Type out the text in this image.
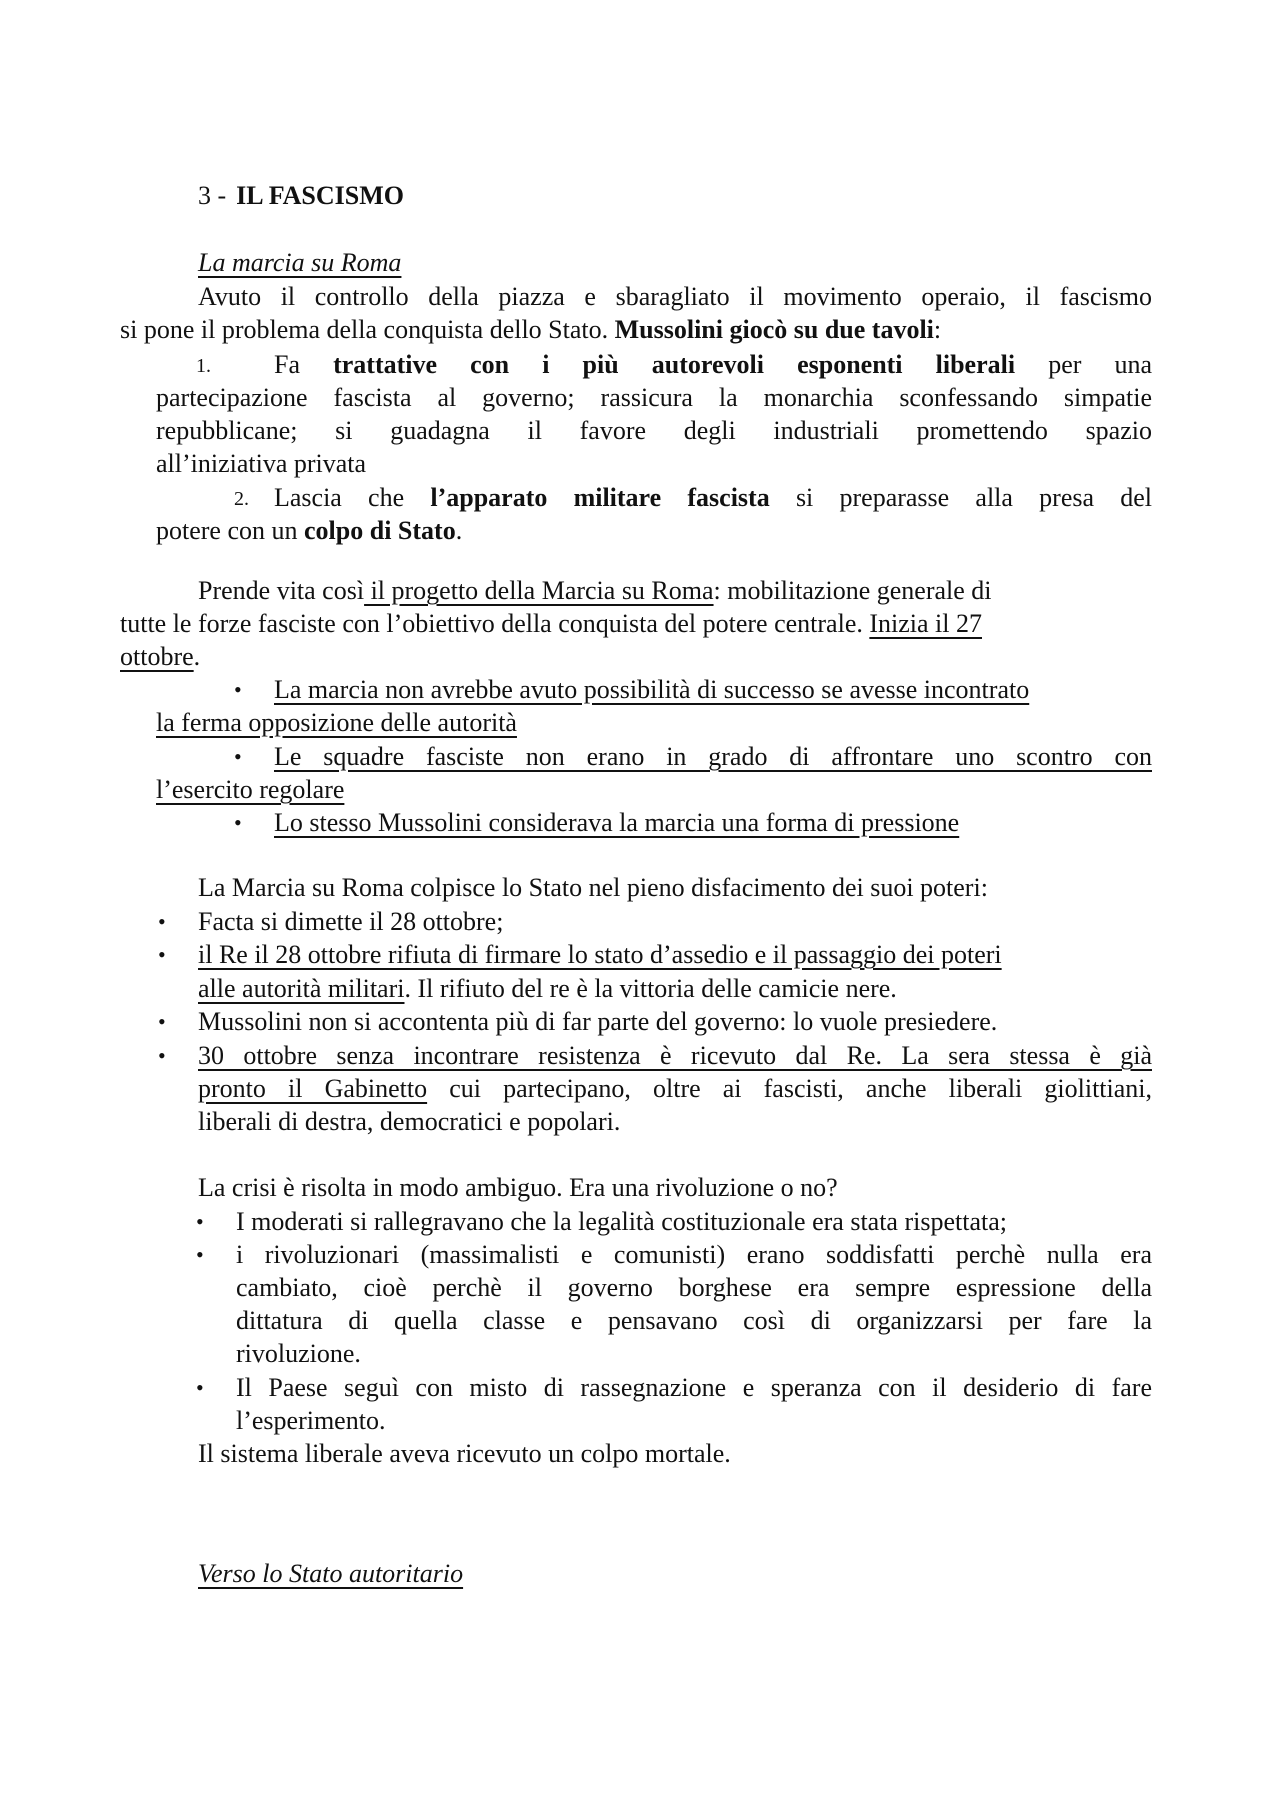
3 - IL FASCISMO
La marcia su Roma
Avuto il controllo della piazza e sbaragliato il movimento operaio, il fascismo
si pone il problema della conquista dello Stato. Mussolini giocò su due tavoli:
1. Fa trattative con i più autorevoli esponenti liberali per una
partecipazione fascista al governo; rassicura la monarchia sconfessando simpatie
repubblicane; si guadagna il favore degli industriali promettendo spazio
all’iniziativa privata
2. Lascia che l’apparato militare fascista si preparasse alla presa del
potere con un colpo di Stato.
Prende vita così il progetto della Marcia su Roma: mobilitazione generale di
tutte le forze fasciste con l’obiettivo della conquista del potere centrale. Inizia il 27
ottobre.
• La marcia non avrebbe avuto possibilità di successo se avesse incontrato
la ferma opposizione delle autorità
• Le squadre fasciste non erano in grado di affrontare uno scontro con
l’esercito regolare
• Lo stesso Mussolini considerava la marcia una forma di pressione
La Marcia su Roma colpisce lo Stato nel pieno disfacimento dei suoi poteri:
• Facta si dimette il 28 ottobre;
• il Re il 28 ottobre rifiuta di firmare lo stato d’assedio e il passaggio dei poteri
alle autorità militari. Il rifiuto del re è la vittoria delle camicie nere.
• Mussolini non si accontenta più di far parte del governo: lo vuole presiedere.
• 30 ottobre senza incontrare resistenza è ricevuto dal Re. La sera stessa è già
pronto il Gabinetto cui partecipano, oltre ai fascisti, anche liberali giolittiani,
liberali di destra, democratici e popolari.
La crisi è risolta in modo ambiguo. Era una rivoluzione o no?
• I moderati si rallegravano che la legalità costituzionale era stata rispettata;
• i rivoluzionari (massimalisti e comunisti) erano soddisfatti perchè nulla era
cambiato, cioè perchè il governo borghese era sempre espressione della
dittatura di quella classe e pensavano così di organizzarsi per fare la
rivoluzione.
• Il Paese seguì con misto di rassegnazione e speranza con il desiderio di fare
l’esperimento.
Il sistema liberale aveva ricevuto un colpo mortale.
Verso lo Stato autoritario
